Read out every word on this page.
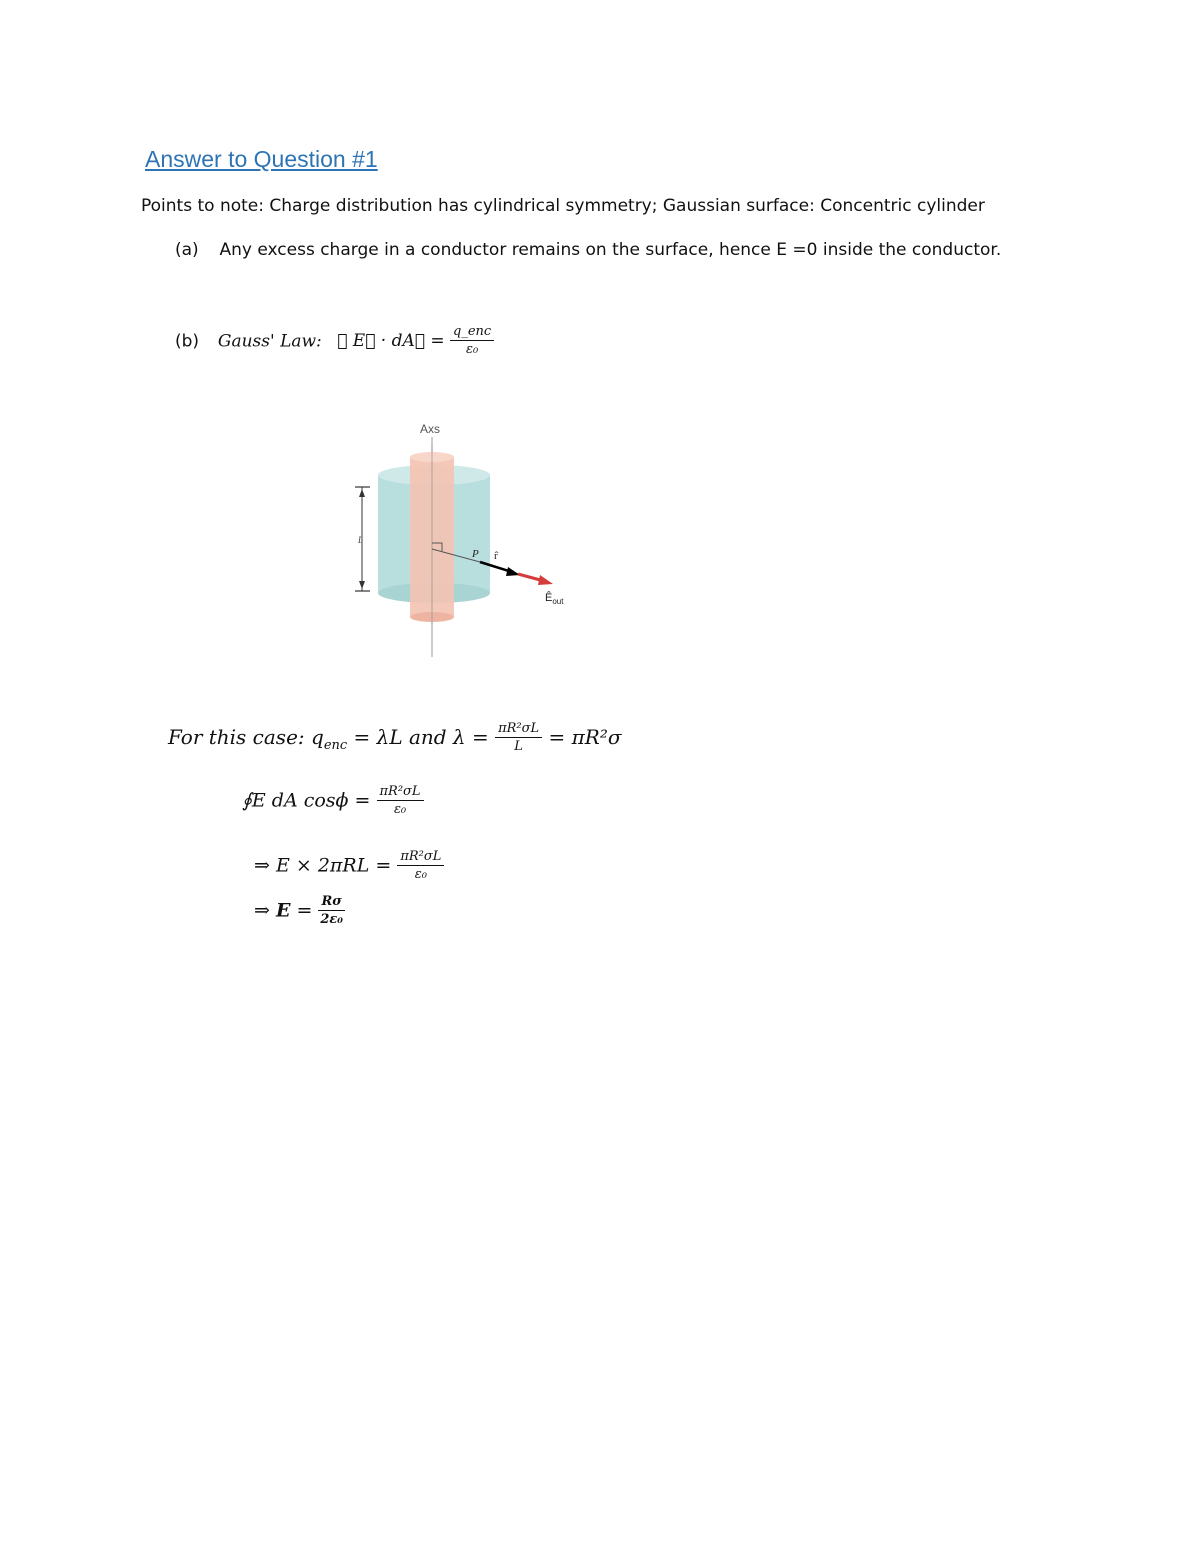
Answer to Question #1
Points to note: Charge distribution has cylindrical symmetry; Gaussian surface: Concentric cylinder
(a) Any excess charge in a conductor remains on the surface, hence E =0 inside the conductor.
(b) Gauss' Law: ∮ E⃗ · dA⃗ = $\frac{\text{q\_enc}}{\text{ε₀}}$
Axs
L
P r̂
$Ê_{out}$
For this case: $q_{enc} = \lambda L$ and $\lambda = \frac{\text{πR²σL}}{L} = \pi R^2\sigma$
∮E dA $\cos\phi = \frac{\text{πR²σL}}{\text{ε₀}}$
⇒ $E \times 2\pi RL = \frac{\text{πR²σL}}{\text{ε₀}}$
⇒ $E = \frac{R\sigma}{\text{2ε₀}}$
